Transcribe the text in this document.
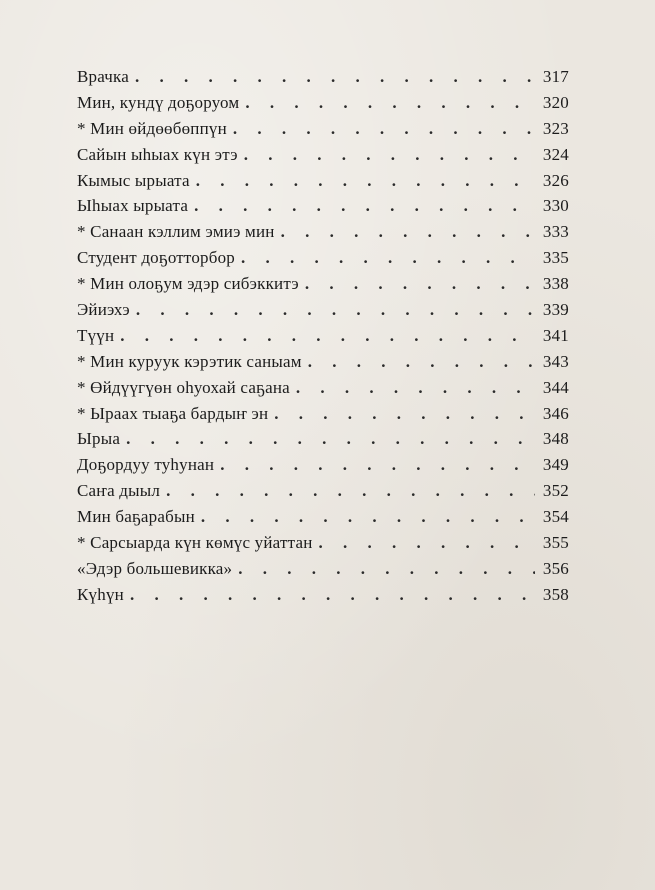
Врачка . . .	317
Мин, кундү доҕоруом . . .	320
* Мин өйдөөбөппүн . . .	323
Сайын ыһыах күн этэ . . .	324
Кымыс ырыата . . .	326
Ыһыах ырыата . . .	330
* Санаан кэллим эмиэ мин . . .	333
Студент доҕотторбор . . .	335
* Мин олоҕум эдэр сибэккитэ . . .	338
Эйиэхэ . . .	339
Түүн . . .	341
* Мин куруук кэрэтик саныам . . .	343
* Өйдүүгүөн оһуохай саҕана . . .	344
* Ыраах тыаҕа бардыҥ эн . . .	346
Ырыа . . .	348
Доҕордуу туһунан . . .	349
Саҥа дыыл . . .	352
Мин баҕарабын . . .	354
* Сарсыарда күн көмүс уйаттан . . .	355
«Эдэр большевикка» . . .	356
Күһүн . . .	358
